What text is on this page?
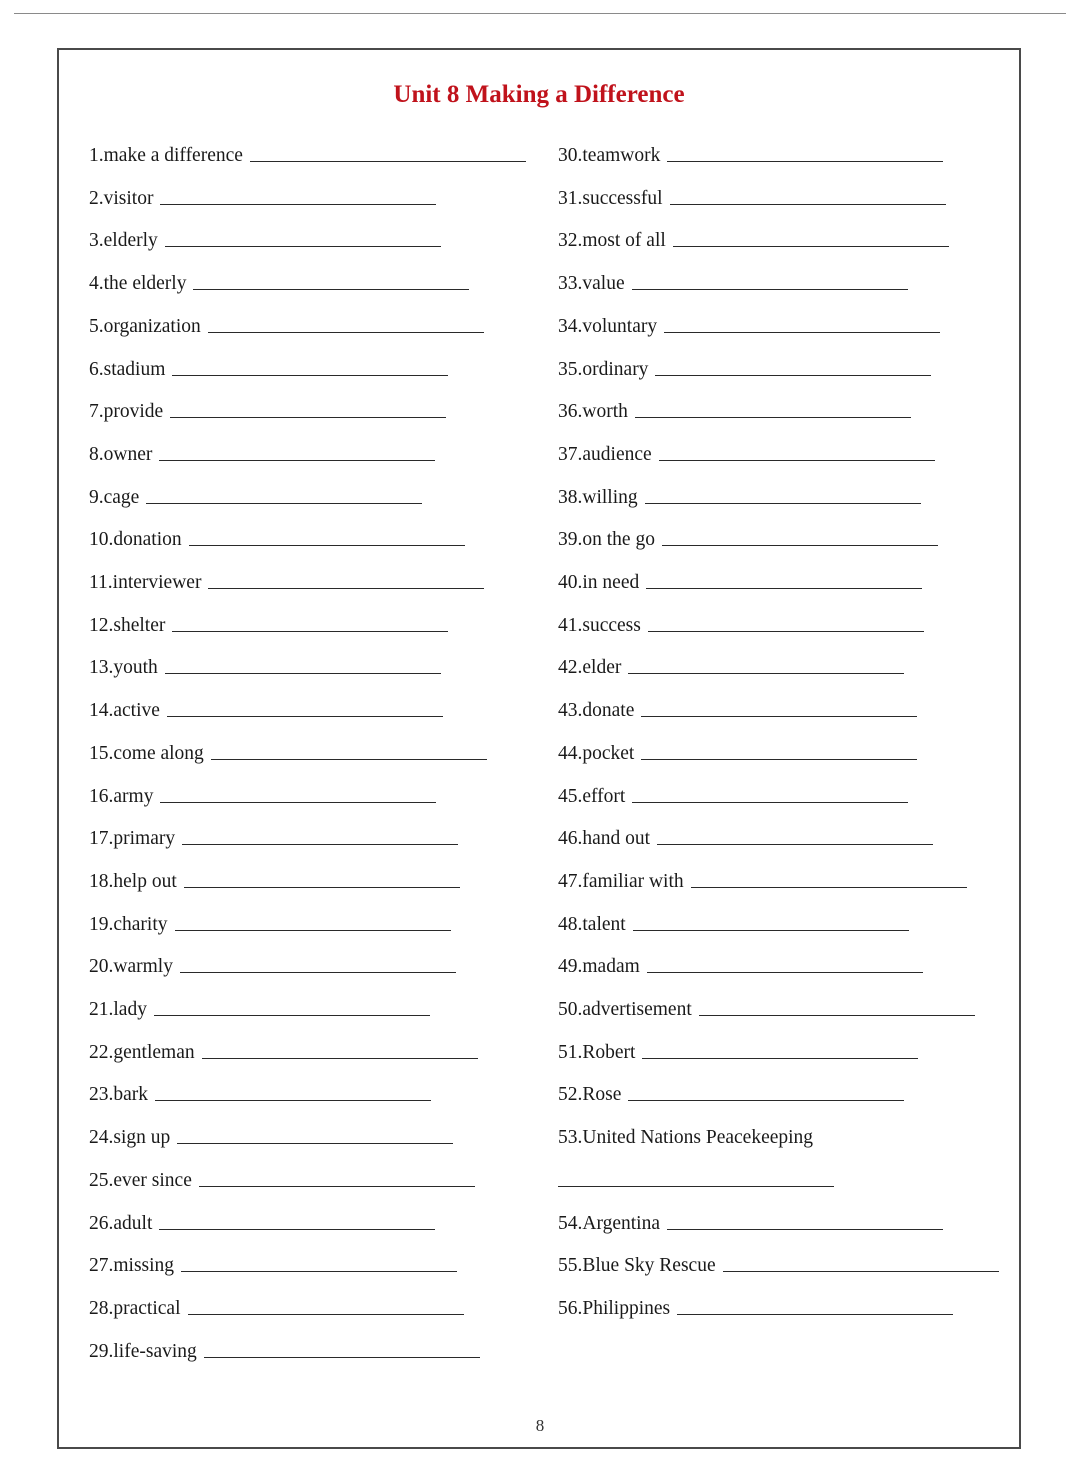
Unit 8 Making a Difference
1.make a difference
2.visitor
3.elderly
4.the elderly
5.organization
6.stadium
7.provide
8.owner
9.cage
10.donation
11.interviewer
12.shelter
13.youth
14.active
15.come along
16.army
17.primary
18.help out
19.charity
20.warmly
21.lady
22.gentleman
23.bark
24.sign up
25.ever since
26.adult
27.missing
28.practical
29.life-saving
30.teamwork
31.successful
32.most of all
33.value
34.voluntary
35.ordinary
36.worth
37.audience
38.willing
39.on the go
40.in need
41.success
42.elder
43.donate
44.pocket
45.effort
46.hand out
47.familiar with
48.talent
49.madam
50.advertisement
51.Robert
52.Rose
53.United Nations Peacekeeping
54.Argentina
55.Blue Sky Rescue
56.Philippines
8
